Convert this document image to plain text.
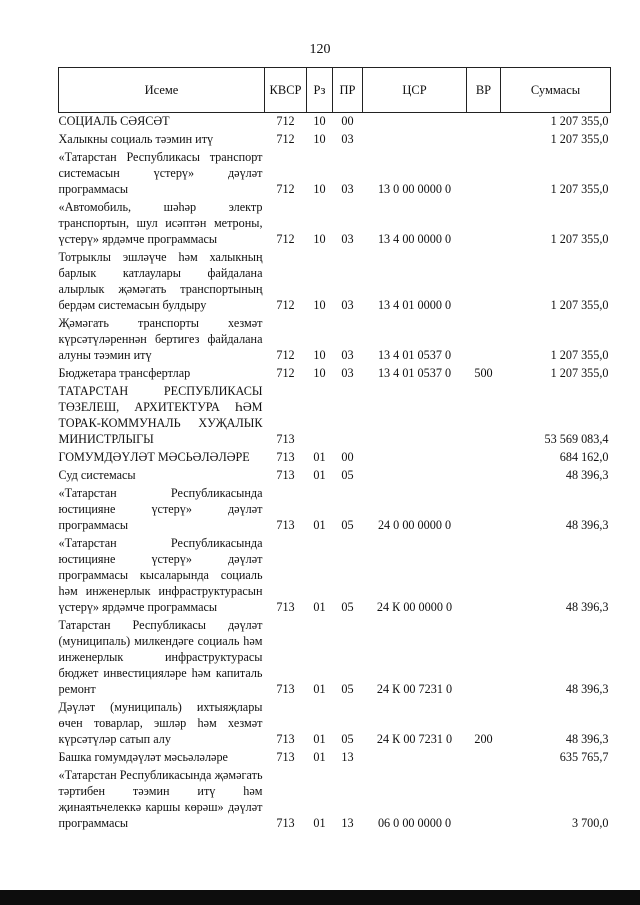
120
Исеме	КВСР	Рз	ПР	ЦСР	ВР	Суммасы
СОЦИАЛЬ СӘЯСӘТ	712	10	00			1 207 355,0
Халыкны социаль тәэмин итү	712	10	03			1 207 355,0
«Татарстан Республикасы транспорт системасын үстерү» дәүләт программасы	712	10	03	13 0 00 0000 0		1 207 355,0
«Автомобиль, шәһәр электр транспортын, шул исәптән метроны, үстерү» ярдәмче программасы	712	10	03	13 4 00 0000 0		1 207 355,0
Тотрыклы эшләүче һәм халыкның барлык катлаулары файдалана алырлык җәмәгать транспортының бердәм системасын булдыру	712	10	03	13 4 01 0000 0		1 207 355,0
Җәмәгать транспорты хезмәт күрсәтүләреннән бертигез файдалана алуны тәэмин итү	712	10	03	13 4 01 0537 0		1 207 355,0
Бюджетара трансфертлар	712	10	03	13 4 01 0537 0	500	1 207 355,0
ТАТАРСТАН РЕСПУБЛИКАСЫ ТӨЗЕЛЕШ, АРХИТЕКТУРА ҺӘМ ТОРАК-КОММУНАЛЬ ХУҖАЛЫК МИНИСТРЛЫГЫ	713					53 569 083,4
ГОМУМДӘҮЛӘТ МӘСЬӘЛӘЛӘРЕ	713	01	00			684 162,0
Суд системасы	713	01	05			48 396,3
«Татарстан Республикасында юстицияне үстерү» дәүләт программасы	713	01	05	24 0 00 0000 0		48 396,3
«Татарстан Республикасында юстицияне үстерү» дәүләт программасы кысаларында социаль һәм инженерлык инфраструктурасын үстерү» ярдәмче программасы	713	01	05	24 К 00 0000 0		48 396,3
Татарстан Республикасы дәүләт (муниципаль) милкендәге социаль һәм инженерлык инфраструктурасы бюджет инвестицияләре һәм капиталь ремонт	713	01	05	24 К 00 7231 0		48 396,3
Дәүләт (муниципаль) ихтыяҗлары өчен товарлар, эшләр һәм хезмәт күрсәтүләр сатып алу	713	01	05	24 К 00 7231 0	200	48 396,3
Башка гомумдәүләт мәсьәләләре	713	01	13			635 765,7
«Татарстан Республикасында җәмәгать тәртибен тәэмин итү һәм җинаятьчелеккә каршы көрәш» дәүләт программасы	713	01	13	06 0 00 0000 0		3 700,0
